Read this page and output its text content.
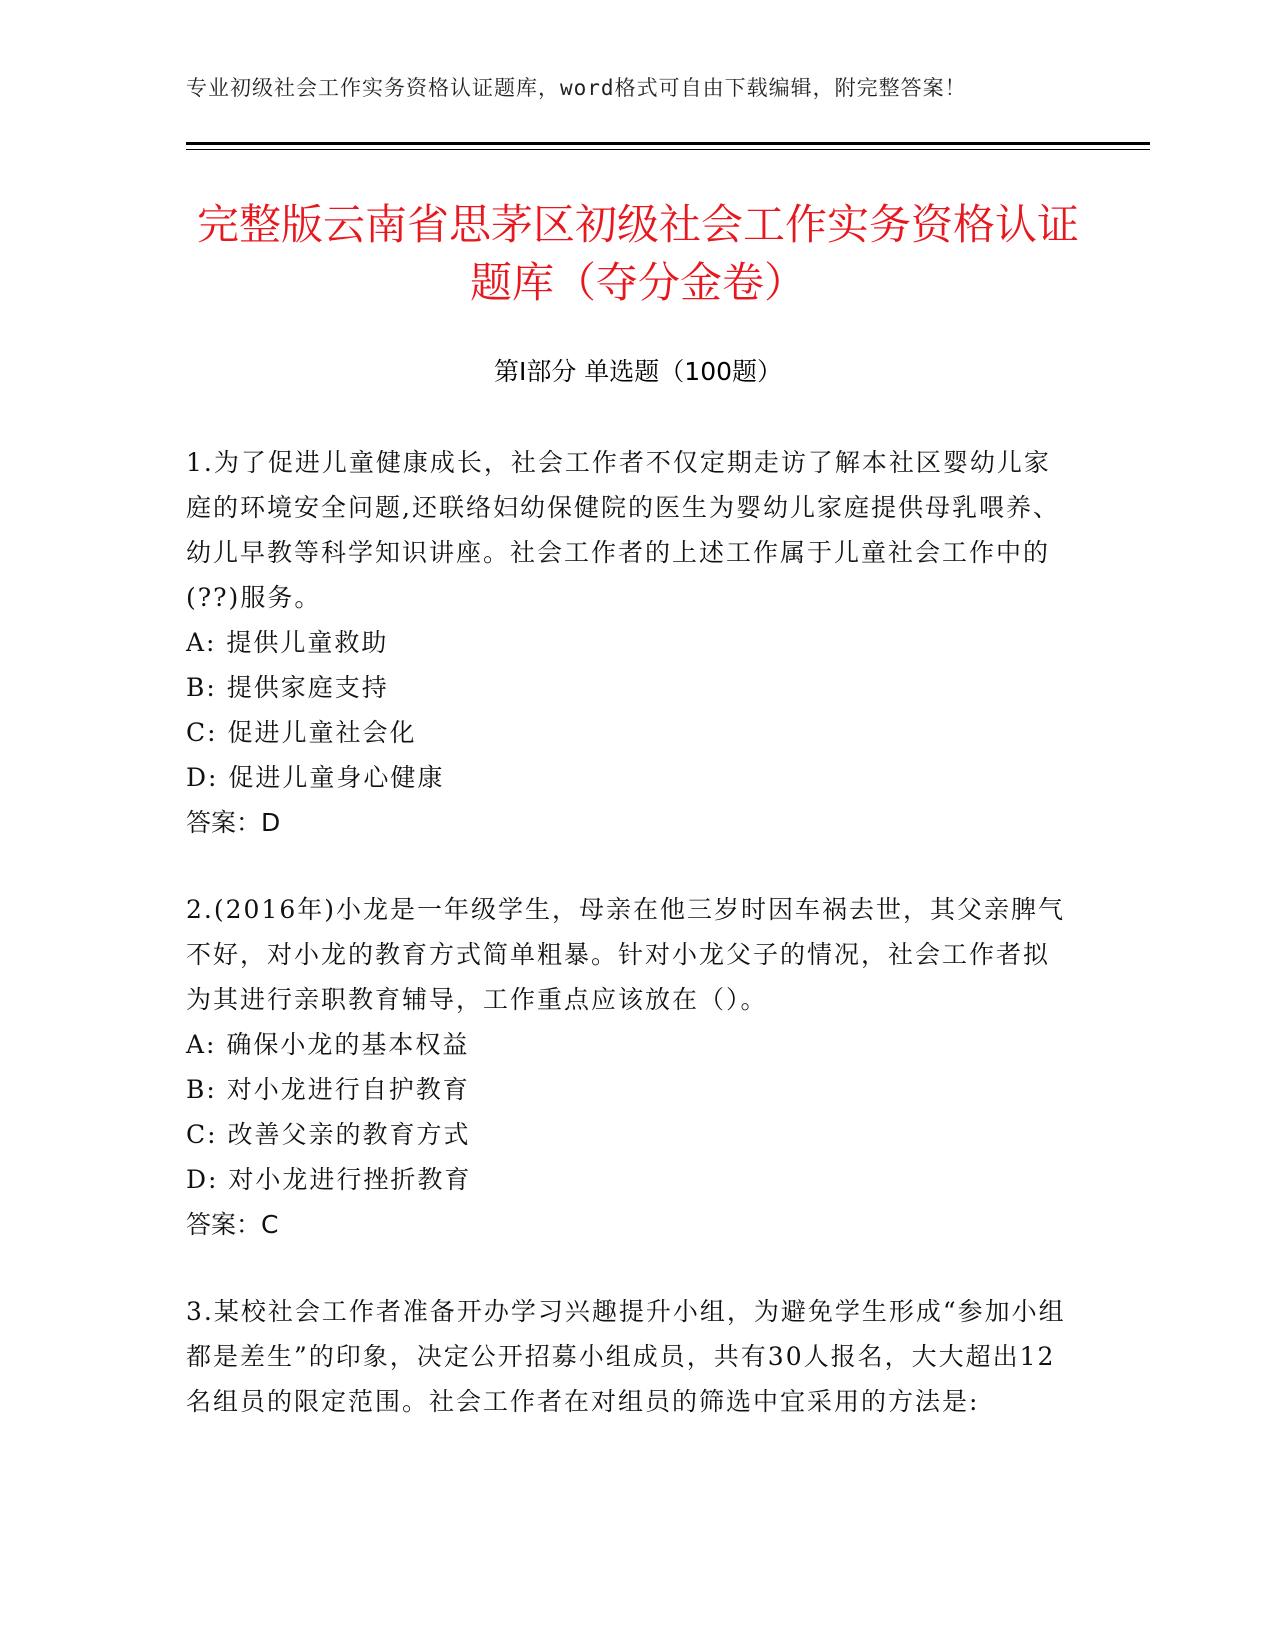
专业初级社会工作实务资格认证题库，word格式可自由下载编辑，附完整答案！
完整版云南省思茅区初级社会工作实务资格认证题库（夺分金卷）
第Ⅰ部分 单选题（100题）

1.为了促进儿童健康成长，社会工作者不仅定期走访了解本社区婴幼儿家庭的环境安全问题,还联络妇幼保健院的医生为婴幼儿家庭提供母乳喂养、幼儿早教等科学知识讲座。社会工作者的上述工作属于儿童社会工作中的(??)服务。

A: 提供儿童救助

B: 提供家庭支持

C: 促进儿童社会化

D: 促进儿童身心健康

答案：D

2.(2016年)小龙是一年级学生，母亲在他三岁时因车祸去世，其父亲脾气不好，对小龙的教育方式简单粗暴。针对小龙父子的情况，社会工作者拟为其进行亲职教育辅导，工作重点应该放在（）。

A: 确保小龙的基本权益

B: 对小龙进行自护教育

C: 改善父亲的教育方式

D: 对小龙进行挫折教育

答案：C

3.某校社会工作者准备开办学习兴趣提升小组，为避免学生形成“参加小组都是差生”的印象，决定公开招募小组成员，共有30人报名，大大超出12名组员的限定范围。社会工作者在对组员的筛选中宜采用的方法是:
